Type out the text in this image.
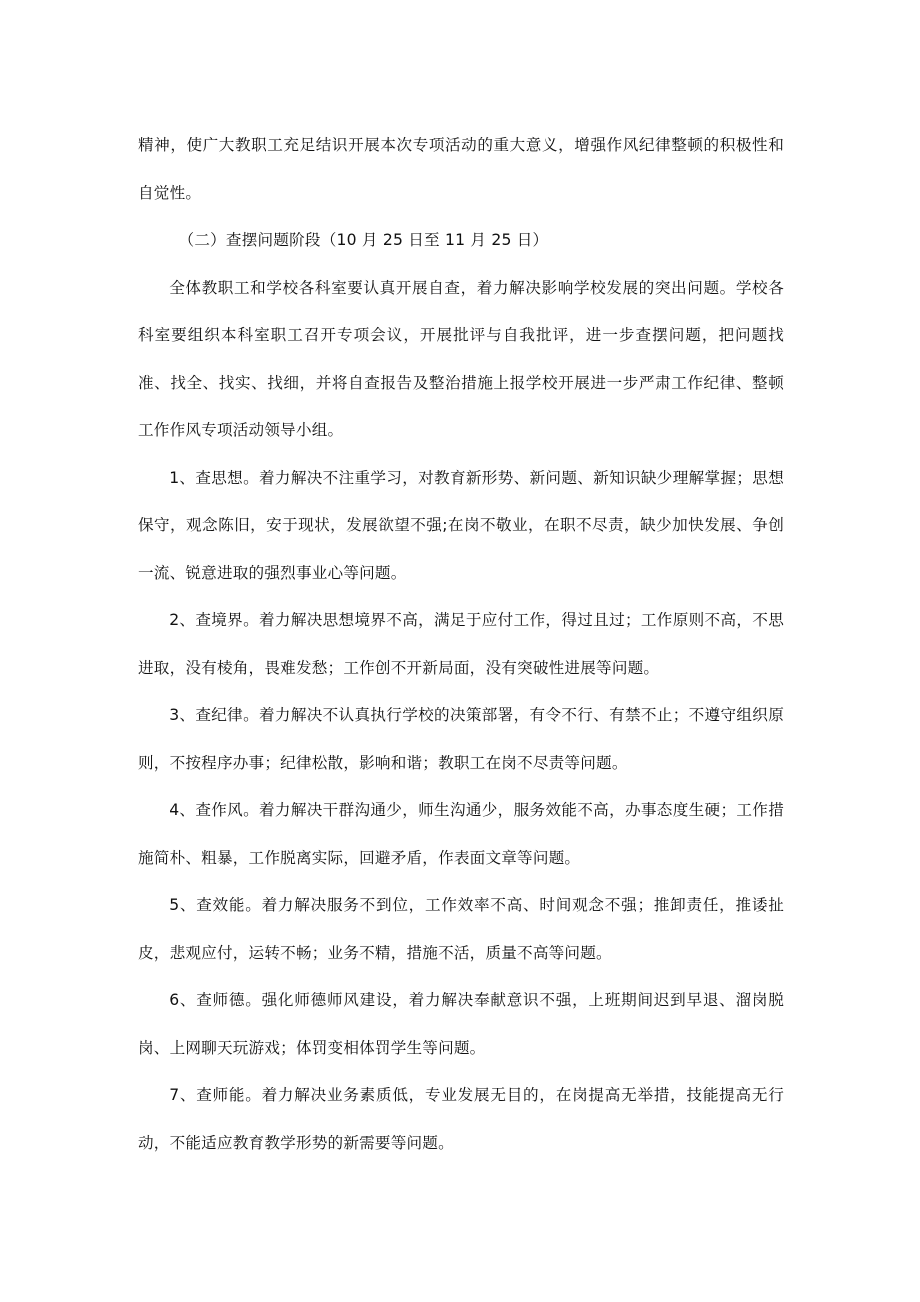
精神，使广大教职工充足结识开展本次专项活动的重大意义，增强作风纪律整顿的积极性和自觉性。

（二）查摆问题阶段（10 月 25 日至 11 月 25 日）

全体教职工和学校各科室要认真开展自查，着力解决影响学校发展的突出问题。学校各科室要组织本科室职工召开专项会议，开展批评与自我批评，进一步查摆问题，把问题找准、找全、找实、找细，并将自查报告及整治措施上报学校开展进一步严肃工作纪律、整顿工作作风专项活动领导小组。

1、查思想。着力解决不注重学习，对教育新形势、新问题、新知识缺少理解掌握；思想保守，观念陈旧，安于现状，发展欲望不强;在岗不敬业，在职不尽责，缺少加快发展、争创一流、锐意进取的强烈事业心等问题。

2、查境界。着力解决思想境界不高，满足于应付工作，得过且过；工作原则不高，不思进取，没有棱角，畏难发愁；工作创不开新局面，没有突破性进展等问题。

3、查纪律。着力解决不认真执行学校的决策部署，有令不行、有禁不止；不遵守组织原则，不按程序办事；纪律松散，影响和谐；教职工在岗不尽责等问题。

4、查作风。着力解决干群沟通少，师生沟通少，服务效能不高，办事态度生硬；工作措施简朴、粗暴，工作脱离实际，回避矛盾，作表面文章等问题。

5、查效能。着力解决服务不到位，工作效率不高、时间观念不强；推卸责任，推诿扯皮，悲观应付，运转不畅；业务不精，措施不活，质量不高等问题。

6、查师德。强化师德师风建设，着力解决奉献意识不强，上班期间迟到早退、溜岗脱岗、上网聊天玩游戏；体罚变相体罚学生等问题。

7、查师能。着力解决业务素质低，专业发展无目的，在岗提高无举措，技能提高无行动，不能适应教育教学形势的新需要等问题。
